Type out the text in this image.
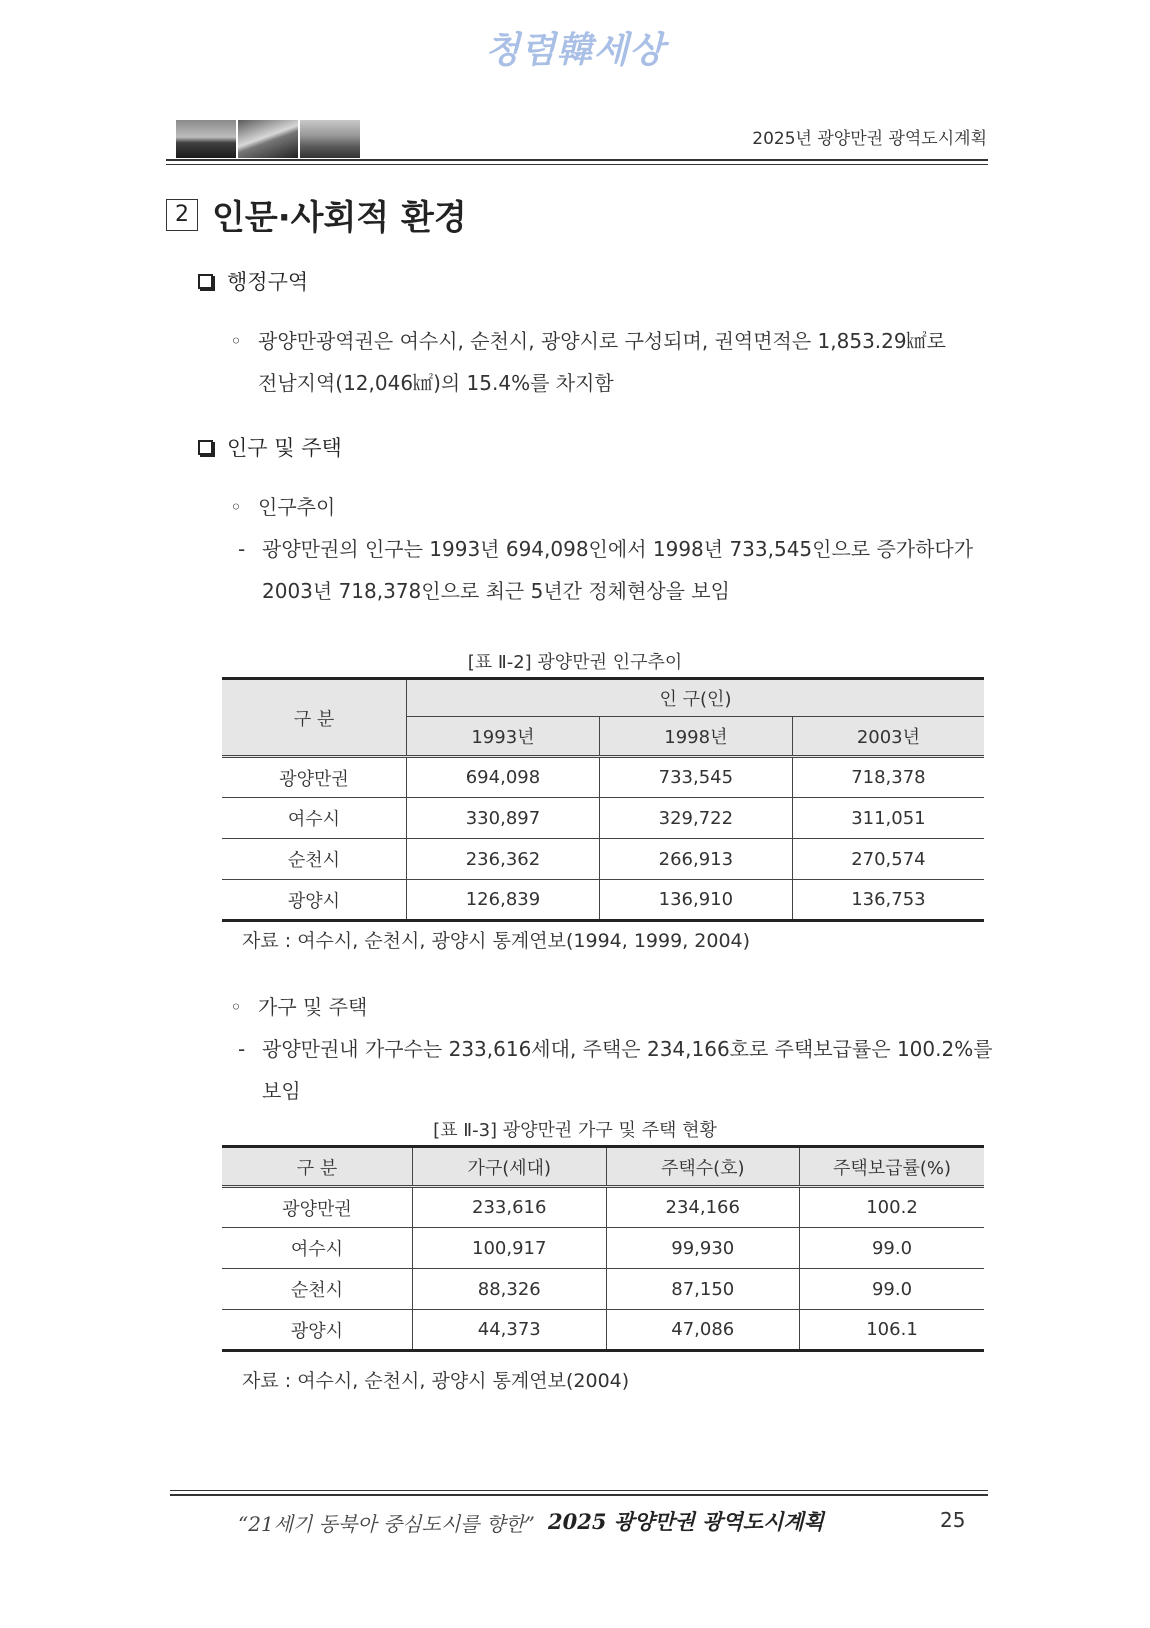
청렴韓세상
2025년 광양만권 광역도시계획
2 인문·사회적 환경
행정구역
◦ 광양만광역권은 여수시, 순천시, 광양시로 구성되며, 권역면적은 1,853.29㎢로
전남지역(12,046㎢)의 15.4%를 차지함
인구 및 주택
◦ 인구추이
- 광양만권의 인구는 1993년 694,098인에서 1998년 733,545인으로 증가하다가
2003년 718,378인으로 최근 5년간 정체현상을 보임
[표 Ⅱ-2] 광양만권 인구추이
구 분	인 구(인)		
	1993년	1998년	2003년
광양만권	694,098	733,545	718,378
여수시	330,897	329,722	311,051
순천시	236,362	266,913	270,574
광양시	126,839	136,910	136,753
자료 : 여수시, 순천시, 광양시 통계연보(1994, 1999, 2004)
◦ 가구 및 주택
- 광양만권내 가구수는 233,616세대, 주택은 234,166호로 주택보급률은 100.2%를
보임
[표 Ⅱ-3] 광양만권 가구 및 주택 현황
구 분	가구(세대)	주택수(호)	주택보급률(%)
광양만권	233,616	234,166	100.2
여수시	100,917	99,930	99.0
순천시	88,326	87,150	99.0
광양시	44,373	47,086	106.1
자료 : 여수시, 순천시, 광양시 통계연보(2004)
“21세기 동북아 중심도시를 향한” 2025 광양만권 광역도시계획	25
